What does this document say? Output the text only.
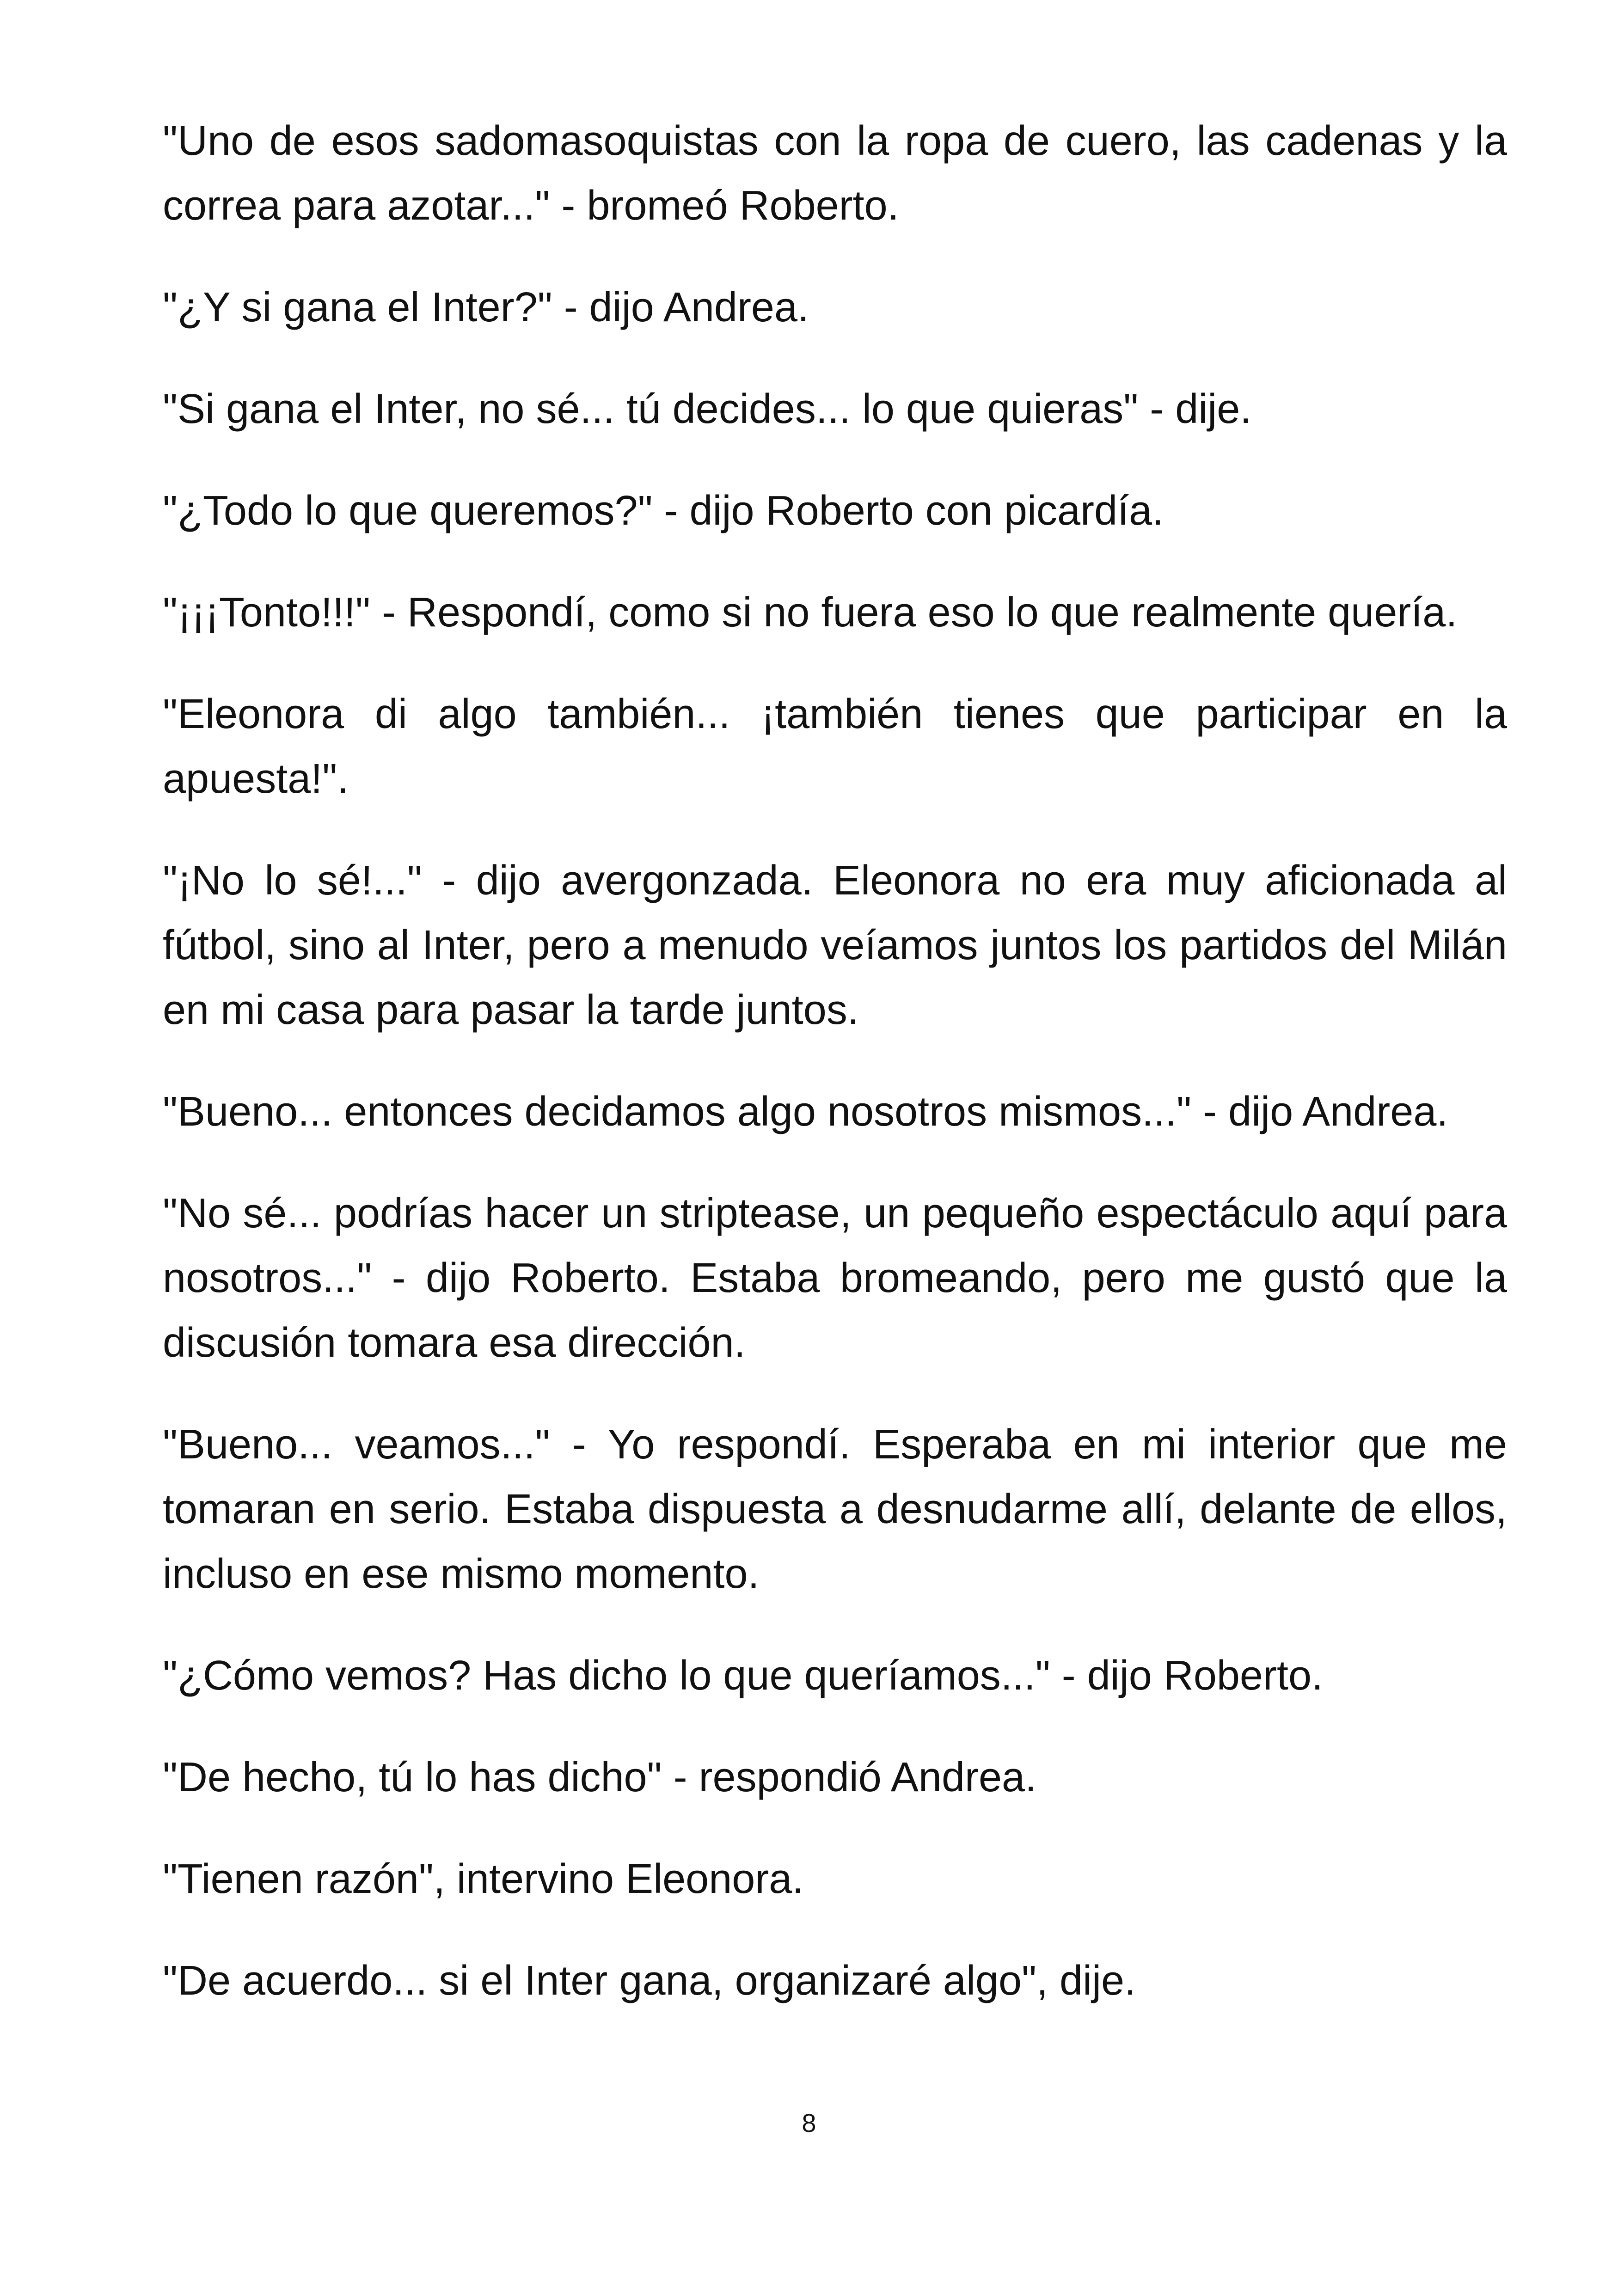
"Uno de esos sadomasoquistas con la ropa de cuero, las cadenas y la correa para azotar..." - bromeó Roberto.

"¿Y si gana el Inter?" - dijo Andrea.

"Si gana el Inter, no sé... tú decides... lo que quieras" - dije.

"¿Todo lo que queremos?" - dijo Roberto con picardía.

"¡¡¡Tonto!!!" - Respondí, como si no fuera eso lo que realmente quería.

"Eleonora di algo también... ¡también tienes que participar en la apuesta!".

"¡No lo sé!..." - dijo avergonzada. Eleonora no era muy aficionada al fútbol, sino al Inter, pero a menudo veíamos juntos los partidos del Milán en mi casa para pasar la tarde juntos.

"Bueno... entonces decidamos algo nosotros mismos..." - dijo Andrea.

"No sé... podrías hacer un striptease, un pequeño espectáculo aquí para nosotros..." - dijo Roberto. Estaba bromeando, pero me gustó que la discusión tomara esa dirección.

"Bueno... veamos..." - Yo respondí. Esperaba en mi interior que me tomaran en serio. Estaba dispuesta a desnudarme allí, delante de ellos, incluso en ese mismo momento.

"¿Cómo vemos? Has dicho lo que queríamos..." - dijo Roberto.

"De hecho, tú lo has dicho" - respondió Andrea.

"Tienen razón", intervino Eleonora.

"De acuerdo... si el Inter gana, organizaré algo", dije.

8
